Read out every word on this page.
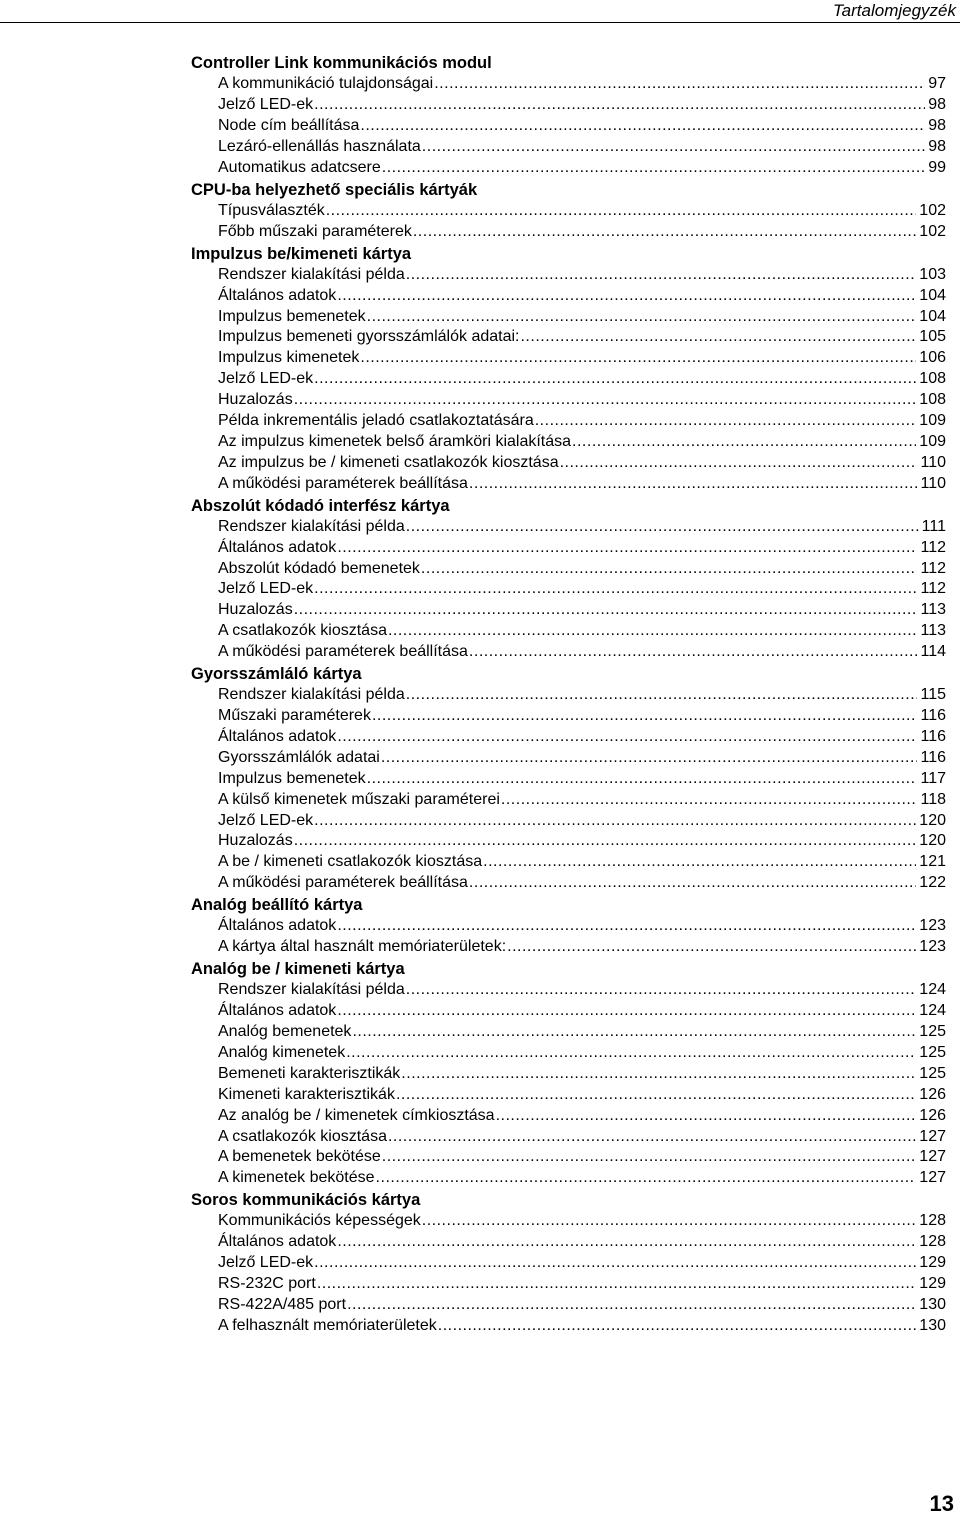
Tartalomjegyzék
Controller Link kommunikációs modul
A kommunikáció tulajdonságai .....	97
Jelző LED-ek .....	98
Node cím beállítása .....	98
Lezáró-ellenállás használata .....	98
Automatikus adatcsere .....	99
CPU-ba helyezhető speciális kártyák
Típusválaszték .....	102
Főbb műszaki paraméterek .....	102
Impulzus be/kimeneti kártya
Rendszer kialakítási példa .....	103
Általános adatok .....	104
Impulzus bemenetek .....	104
Impulzus bemeneti gyorsszámlálók adatai: .....	105
Impulzus kimenetek .....	106
Jelző LED-ek .....	108
Huzalozás .....	108
Példa inkrementális jeladó csatlakoztatására .....	109
Az impulzus kimenetek belső áramköri kialakítása .....	109
Az impulzus be / kimeneti csatlakozók kiosztása .....	110
A működési paraméterek beállítása .....	110
Abszolút kódadó interfész kártya
Rendszer kialakítási példa .....	111
Általános adatok .....	112
Abszolút kódadó bemenetek .....	112
Jelző LED-ek .....	112
Huzalozás .....	113
A csatlakozók kiosztása .....	113
A működési paraméterek beállítása .....	114
Gyorsszámláló kártya
Rendszer kialakítási példa .....	115
Műszaki paraméterek .....	116
Általános adatok .....	116
Gyorsszámlálók adatai .....	116
Impulzus bemenetek .....	117
A külső kimenetek műszaki paraméterei .....	118
Jelző LED-ek .....	120
Huzalozás .....	120
A be / kimeneti csatlakozók kiosztása .....	121
A működési paraméterek beállítása .....	122
Analóg beállító kártya
Általános adatok .....	123
A kártya által használt memóriaterületek: .....	123
Analóg be / kimeneti kártya
Rendszer kialakítási példa .....	124
Általános adatok .....	124
Analóg bemenetek .....	125
Analóg kimenetek .....	125
Bemeneti karakterisztikák .....	125
Kimeneti karakterisztikák .....	126
Az analóg be / kimenetek címkiosztása .....	126
A csatlakozók kiosztása .....	127
A bemenetek bekötése .....	127
A kimenetek bekötése .....	127
Soros kommunikációs kártya
Kommunikációs képességek .....	128
Általános adatok .....	128
Jelző LED-ek .....	129
RS-232C port .....	129
RS-422A/485 port .....	130
A felhasznált memóriaterületek .....	130
13
